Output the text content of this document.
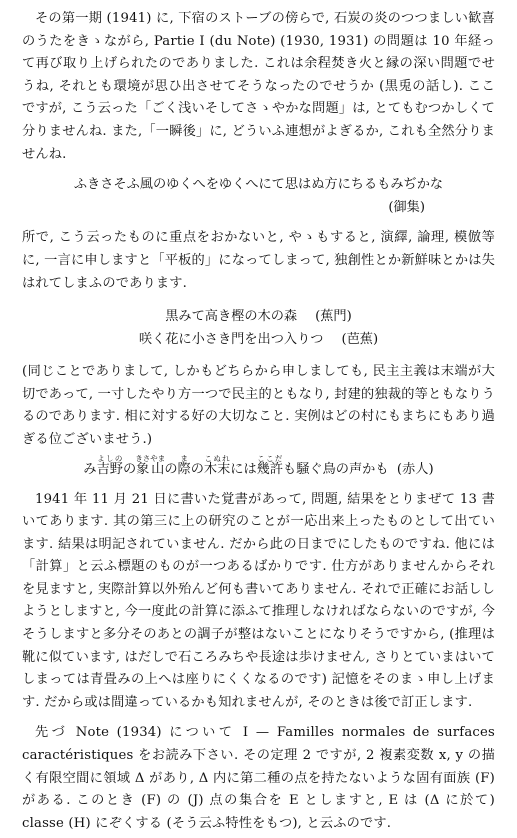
その第一期 (1941) に, 下宿のストーブの傍らで, 石炭の炎のつつましい歓喜のうたをきゝながら, Partie I (du Note) (1930, 1931) の問題は 10 年経って再び取り上げられたのでありました. これは余程焚き火と縁の深い問題でせうね, それとも環境が思ひ出させてそうなったのでせうか (黒兎の話し). ここですが, こう云った「ごく浅いそしてさゝやかな問題」は, とてもむつかしくて分りませんね. また,「一瞬後」に, どういふ連想がよぎるか, これも全然分りませんね.

ふきさそふ風のゆくへをゆくへにて思はぬ方にちるもみぢかな

(御集)

所で, こう云ったものに重点をおかないと, やゝもすると, 演繹, 論理, 模倣等に, 一言に申しますと「平板的」になってしまって, 独創性とか新鮮味とかは失はれてしまふのであります.

黒みて高き樫の木の森 (蕉門)
咲く花に小さき門を出つ入りつ (芭蕉)

(同じことでありまして, しかもどちらから申しましても, 民主主義は末端が大切であって, 一寸したやり方一つで民主的ともなり, 封建的独裁的等ともなりうるのであります. 相に対する好の大切なこと. 実例はどの村にもまちにもあり過ぎる位ございませう.)

み吉野よしのの象山きさやまの際まの木末こぬれには幾許ここだも騒ぐ鳥の声かも (赤人)

1941 年 11 月 21 日に書いた覚書があって, 問題, 結果をとりまぜて 13 書いてあります. 其の第三に上の研究のことが一応出来上ったものとして出ています. 結果は明記されていません. だから此の日までにしたものですね. 他には「計算」と云ふ標題のものが一つあるばかりです. 仕方がありませんからそれを見ますと, 実際計算以外殆んど何も書いてありません. それで正確にお話ししようとしますと, 今一度此の計算に添ふて推理しなければならないのですが, 今そうしますと多分そのあとの調子が整はないことになりそうですから, (推理は靴に似ています, はだしで石ころみちや長途は歩けません, さりとていまはいてしまっては青畳みの上へは座りにくくなるのです) 記憶をそのまゝ申し上げます. だから或は間違っているかも知れませんが, そのときは後で訂正します.

先づ Note (1934) について I — Familles normales de surfaces caractéristiques をお読み下さい. その定理 2 ですが, 2 複素変数 x, y の描く有限空間に領域 Δ があり, Δ 内に第二種の点を持たないような固有面族 (F) がある. このとき (F) の (J) 点の集合を E としますと, E は (Δ に於て) classe (H) にぞくする (そう云ふ特性をもつ), と云ふのです.
